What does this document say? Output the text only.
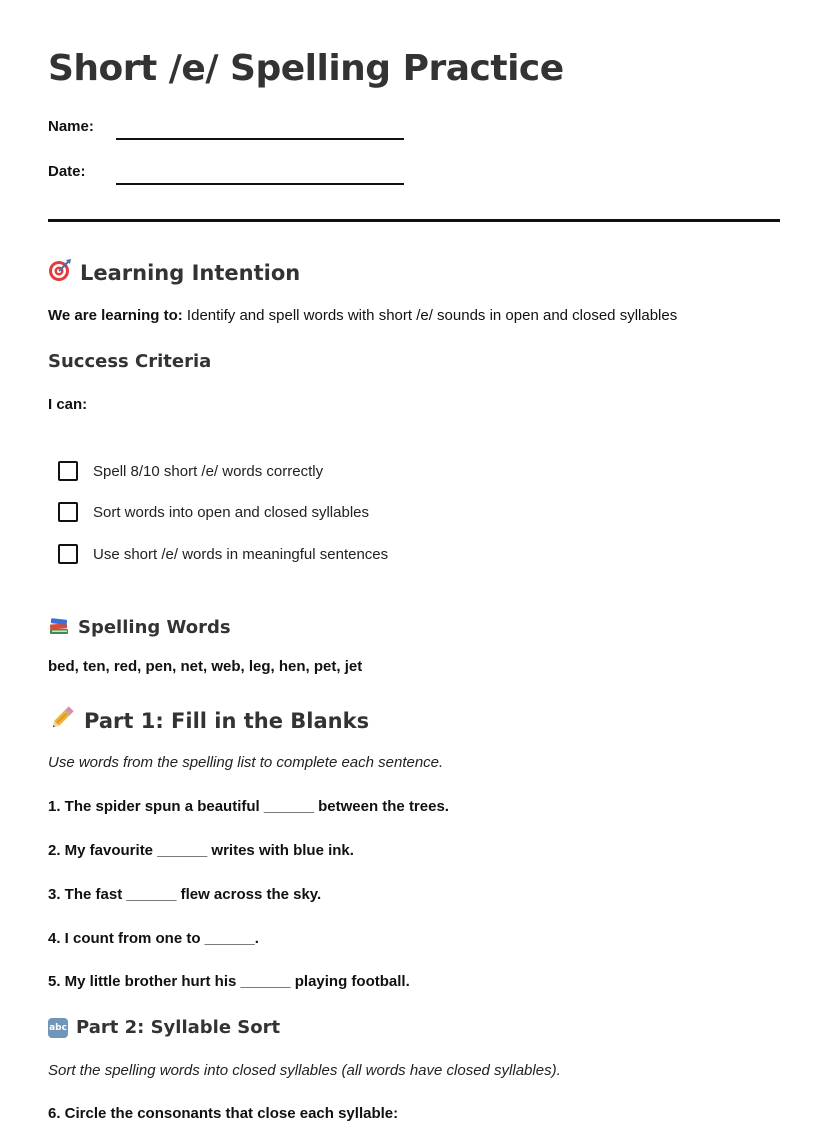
Short /e/ Spelling Practice
Name:
Date:
Learning Intention
We are learning to: Identify and spell words with short /e/ sounds in open and closed syllables
Success Criteria
I can:
Spell 8/10 short /e/ words correctly
Sort words into open and closed syllables
Use short /e/ words in meaningful sentences
Spelling Words
bed, ten, red, pen, net, web, leg, hen, pet, jet
Part 1: Fill in the Blanks
Use words from the spelling list to complete each sentence.
1. The spider spun a beautiful ______ between the trees.
2. My favourite ______ writes with blue ink.
3. The fast ______ flew across the sky.
4. I count from one to ______.
5. My little brother hurt his ______ playing football.
abc Part 2: Syllable Sort
Sort the spelling words into closed syllables (all words have closed syllables).
6. Circle the consonants that close each syllable:
